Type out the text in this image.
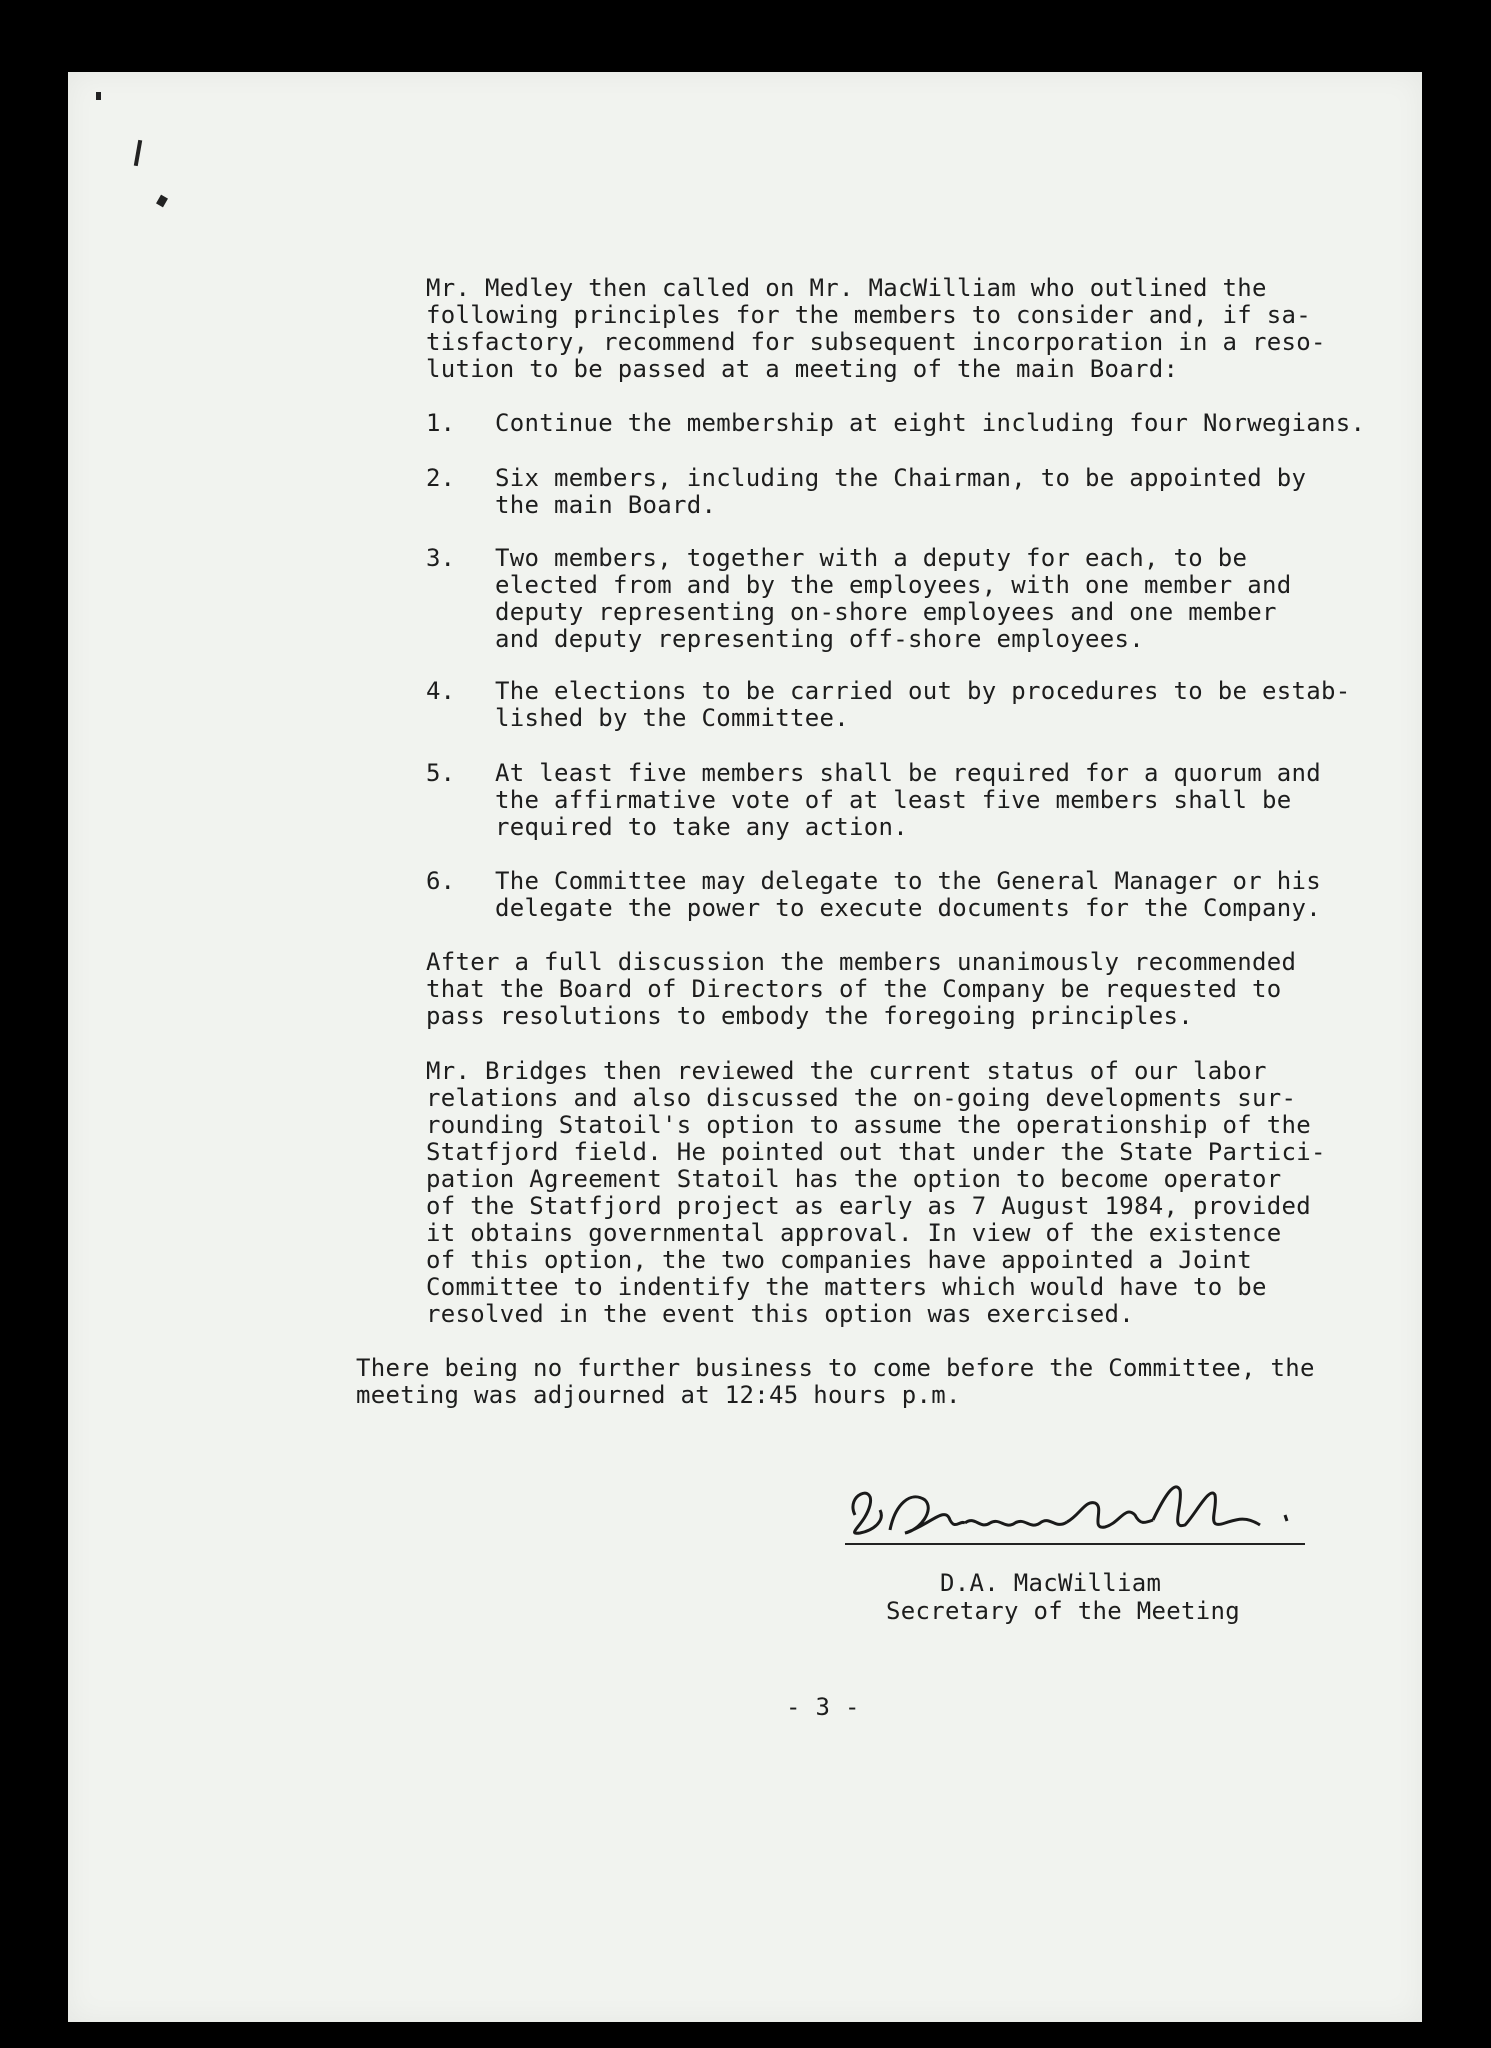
Mr. Medley then called on Mr. MacWilliam who outlined the
following principles for the members to consider and, if sa-
tisfactory, recommend for subsequent incorporation in a reso-
lution to be passed at a meeting of the main Board:
1. Continue the membership at eight including four Norwegians.
2. Six members, including the Chairman, to be appointed by
the main Board.
3. Two members, together with a deputy for each, to be
elected from and by the employees, with one member and
deputy representing on-shore employees and one member
and deputy representing off-shore employees.
4. The elections to be carried out by procedures to be estab-
lished by the Committee.
5. At least five members shall be required for a quorum and
the affirmative vote of at least five members shall be
required to take any action.
6. The Committee may delegate to the General Manager or his
delegate the power to execute documents for the Company.
After a full discussion the members unanimously recommended
that the Board of Directors of the Company be requested to
pass resolutions to embody the foregoing principles.
Mr. Bridges then reviewed the current status of our labor
relations and also discussed the on-going developments sur-
rounding Statoil's option to assume the operationship of the
Statfjord field. He pointed out that under the State Partici-
pation Agreement Statoil has the option to become operator
of the Statfjord project as early as 7 August 1984, provided
it obtains governmental approval. In view of the existence
of this option, the two companies have appointed a Joint
Committee to indentify the matters which would have to be
resolved in the event this option was exercised.
There being no further business to come before the Committee, the
meeting was adjourned at 12:45 hours p.m.
D.A. MacWilliam
Secretary of the Meeting
- 3 -
